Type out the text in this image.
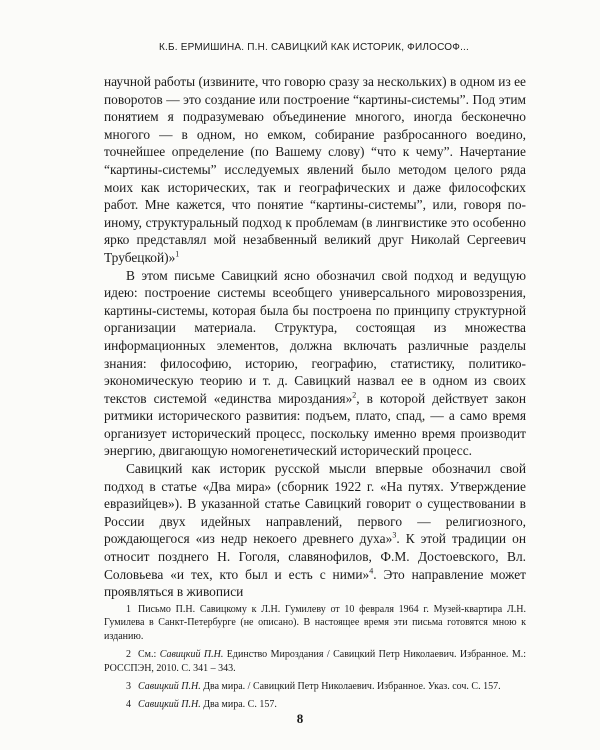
К.Б. ЕРМИШИНА. П.Н. САВИЦКИЙ КАК ИСТОРИК, ФИЛОСОФ...

научной работы (извините, что говорю сразу за нескольких) в одном из ее поворотов — это создание или построение “картины-системы”. Под этим понятием я подразумеваю объединение многого, иногда бесконечно многого — в одном, но емком, собирание разбросанного воедино, точнейшее определение (по Вашему слову) “что к чему”. Начертание “картины-системы” исследуемых явлений было методом целого ряда моих как исторических, так и географических и даже философских работ. Мне кажется, что понятие “картины-системы”, или, говоря по-иному, структуральный подход к проблемам (в лингвистике это особенно ярко представлял мой незабвенный великий друг Николай Сергеевич Трубецкой)»$^1$

В этом письме Савицкий ясно обозначил свой подход и ведущую идею: построение системы всеобщего универсального мировоззрения, картины-системы, которая была бы построена по принципу структурной организации материала. Структура, состоящая из множества информационных элементов, должна включать различные разделы знания: философию, историю, географию, статистику, политико-экономическую теорию и т. д. Савицкий назвал ее в одном из своих текстов системой «единства мироздания»$^2$, в которой действует закон ритмики исторического развития: подъем, плато, спад, — а само время организует исторический процесс, поскольку именно время производит энергию, двигающую номогенетический исторический процесс.

Савицкий как историк русской мысли впервые обозначил свой подход в статье «Два мира» (сборник 1922 г. «На путях. Утверждение евразийцев»). В указанной статье Савицкий говорит о существовании в России двух идейных направлений, первого — религиозного, рождающегося «из недр некоего древнего духа»$^3$. К этой традиции он относит позднего Н. Гоголя, славянофилов, Ф.М. Достоевского, Вл. Соловьева «и тех, кто был и есть с ними»$^4$. Это направление может проявляться в живописи

1 Письмо П.Н. Савицкому к Л.Н. Гумилеву от 10 февраля 1964 г. Музей-квартира Л.Н. Гумилева в Санкт-Петербурге (не описано). В настоящее время эти письма готовятся мною к изданию.

2 См.: Савицкий П.Н. Единство Мироздания / Савицкий Петр Николаевич. Избранное. М.: РОССПЭН, 2010. С. 341 – 343.

3 Савицкий П.Н. Два мира. / Савицкий Петр Николаевич. Избранное. Указ. соч. С. 157.

4 Савицкий П.Н. Два мира. С. 157.

8
